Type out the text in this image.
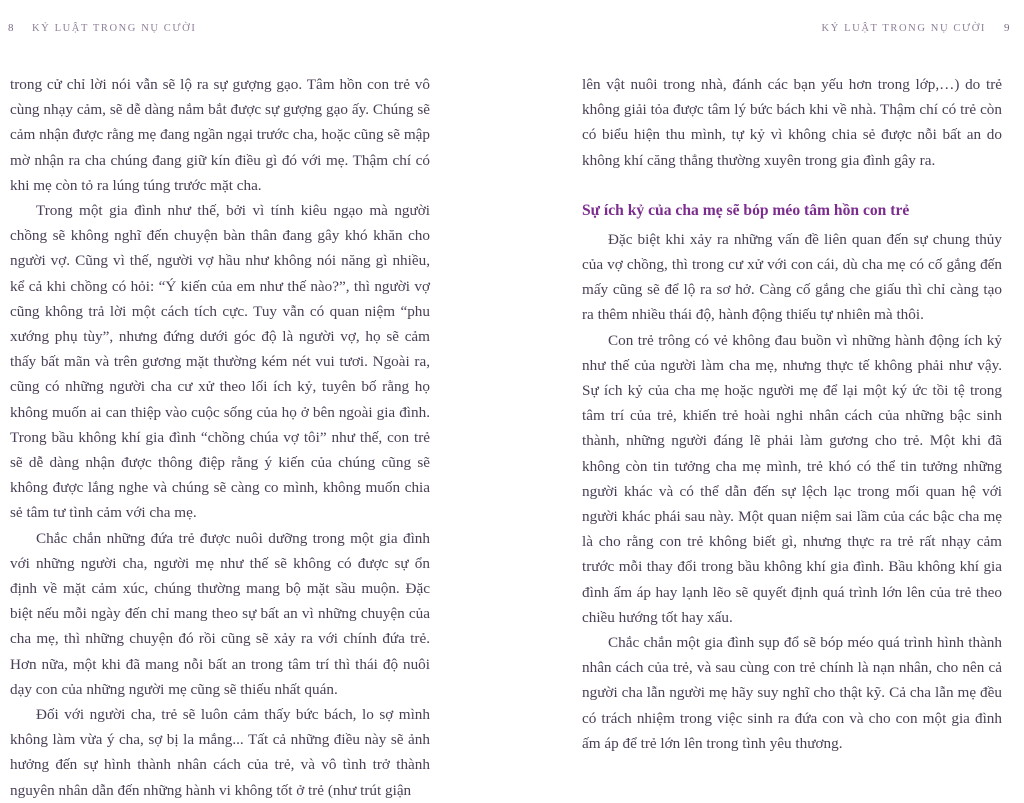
8 KỶ LUẬT TRONG NỤ CƯỜI

trong cử chỉ lời nói vẫn sẽ lộ ra sự gượng gạo. Tâm hồn con trẻ vô cùng nhạy cảm, sẽ dễ dàng nắm bắt được sự gượng gạo ấy. Chúng sẽ cảm nhận được rằng mẹ đang ngần ngại trước cha, hoặc cũng sẽ mập mờ nhận ra cha chúng đang giữ kín điều gì đó với mẹ. Thậm chí có khi mẹ còn tỏ ra lúng túng trước mặt cha.

Trong một gia đình như thế, bởi vì tính kiêu ngạo mà người chồng sẽ không nghĩ đến chuyện bàn thân đang gây khó khăn cho người vợ. Cũng vì thế, người vợ hầu như không nói năng gì nhiều, kể cả khi chồng có hỏi: “Ý kiến của em như thế nào?”, thì người vợ cũng không trả lời một cách tích cực. Tuy vẫn có quan niệm “phu xướng phụ tùy”, nhưng đứng dưới góc độ là người vợ, họ sẽ cảm thấy bất mãn và trên gương mặt thường kém nét vui tươi. Ngoài ra, cũng có những người cha cư xử theo lối ích kỷ, tuyên bố rằng họ không muốn ai can thiệp vào cuộc sống của họ ở bên ngoài gia đình. Trong bầu không khí gia đình “chồng chúa vợ tôi” như thế, con trẻ sẽ dễ dàng nhận được thông điệp rằng ý kiến của chúng cũng sẽ không được lắng nghe và chúng sẽ càng co mình, không muốn chia sẻ tâm tư tình cảm với cha mẹ.

Chắc chắn những đứa trẻ được nuôi dưỡng trong một gia đình với những người cha, người mẹ như thế sẽ không có được sự ổn định về mặt cảm xúc, chúng thường mang bộ mặt sầu muộn. Đặc biệt nếu mỗi ngày đến chỉ mang theo sự bất an vì những chuyện của cha mẹ, thì những chuyện đó rồi cũng sẽ xảy ra với chính đứa trẻ. Hơn nữa, một khi đã mang nỗi bất an trong tâm trí thì thái độ nuôi dạy con của những người mẹ cũng sẽ thiếu nhất quán.

Đối với người cha, trẻ sẽ luôn cảm thấy bức bách, lo sợ mình không làm vừa ý cha, sợ bị la mắng... Tất cả những điều này sẽ ảnh hưởng đến sự hình thành nhân cách của trẻ, và vô tình trở thành nguyên nhân dẫn đến những hành vi không tốt ở trẻ (như trút giận

KỶ LUẬT TRONG NỤ CƯỜI 9

lên vật nuôi trong nhà, đánh các bạn yếu hơn trong lớp,…) do trẻ không giải tỏa được tâm lý bức bách khi về nhà. Thậm chí có trẻ còn có biểu hiện thu mình, tự kỷ vì không chia sẻ được nỗi bất an do không khí căng thẳng thường xuyên trong gia đình gây ra.

Sự ích kỷ của cha mẹ sẽ bóp méo tâm hồn con trẻ

Đặc biệt khi xảy ra những vấn đề liên quan đến sự chung thủy của vợ chồng, thì trong cư xử với con cái, dù cha mẹ có cố gắng đến mấy cũng sẽ để lộ ra sơ hở. Càng cố gắng che giấu thì chỉ càng tạo ra thêm nhiều thái độ, hành động thiếu tự nhiên mà thôi.

Con trẻ trông có vẻ không đau buồn vì những hành động ích kỷ như thế của người làm cha mẹ, nhưng thực tế không phải như vậy. Sự ích kỷ của cha mẹ hoặc người mẹ để lại một ký ức tồi tệ trong tâm trí của trẻ, khiến trẻ hoài nghi nhân cách của những bậc sinh thành, những người đáng lẽ phải làm gương cho trẻ. Một khi đã không còn tin tưởng cha mẹ mình, trẻ khó có thể tin tưởng những người khác và có thể dẫn đến sự lệch lạc trong mối quan hệ với người khác phái sau này. Một quan niệm sai lầm của các bậc cha mẹ là cho rằng con trẻ không biết gì, nhưng thực ra trẻ rất nhạy cảm trước mỗi thay đổi trong bầu không khí gia đình. Bầu không khí gia đình ấm áp hay lạnh lẽo sẽ quyết định quá trình lớn lên của trẻ theo chiều hướng tốt hay xấu.

Chắc chắn một gia đình sụp đổ sẽ bóp méo quá trình hình thành nhân cách của trẻ, và sau cùng con trẻ chính là nạn nhân, cho nên cả người cha lẫn người mẹ hãy suy nghĩ cho thật kỹ. Cả cha lẫn mẹ đều có trách nhiệm trong việc sinh ra đứa con và cho con một gia đình ấm áp để trẻ lớn lên trong tình yêu thương.
